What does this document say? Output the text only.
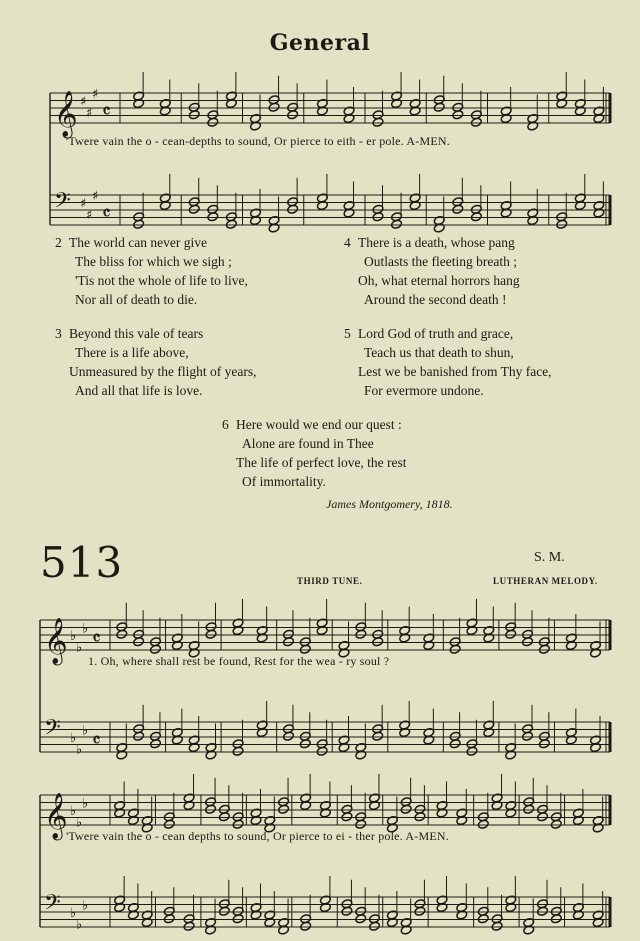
General
𝄞 ♯
♯
♯
𝄴
𝄢 ♯
♯
♯
𝄴
'Twere vain the o - cean-depths to sound, Or pierce to eith - er pole. A-MEN.
2 The world can never give
The bliss for which we sigh ;
'Tis not the whole of life to live,
Nor all of death to die.
3 Beyond this vale of tears
There is a life above,
Unmeasured by the flight of years,
And all that life is love.
4 There is a death, whose pang
Outlasts the fleeting breath ;
Oh, what eternal horrors hang
Around the second death !
5 Lord God of truth and grace,
Teach us that death to shun,
Lest we be banished from Thy face,
For evermore undone.
6 Here would we end our quest :
Alone are found in Thee
The life of perfect love, the rest
Of immortality.
James Montgomery, 1818.
513	S. M.
THIRD TUNE.	LUTHERAN MELODY.
𝄞 ♭
♭
♭ 𝄴
𝄢 ♭
♭
♭ 𝄴
1. Oh, where shall rest be found, Rest for the wea - ry soul ?
𝄞 ♭
♭
♭
𝄢 ♭
♭
♭
'Twere vain the o - cean depths to sound, Or pierce to ei - ther pole. A-MEN.
